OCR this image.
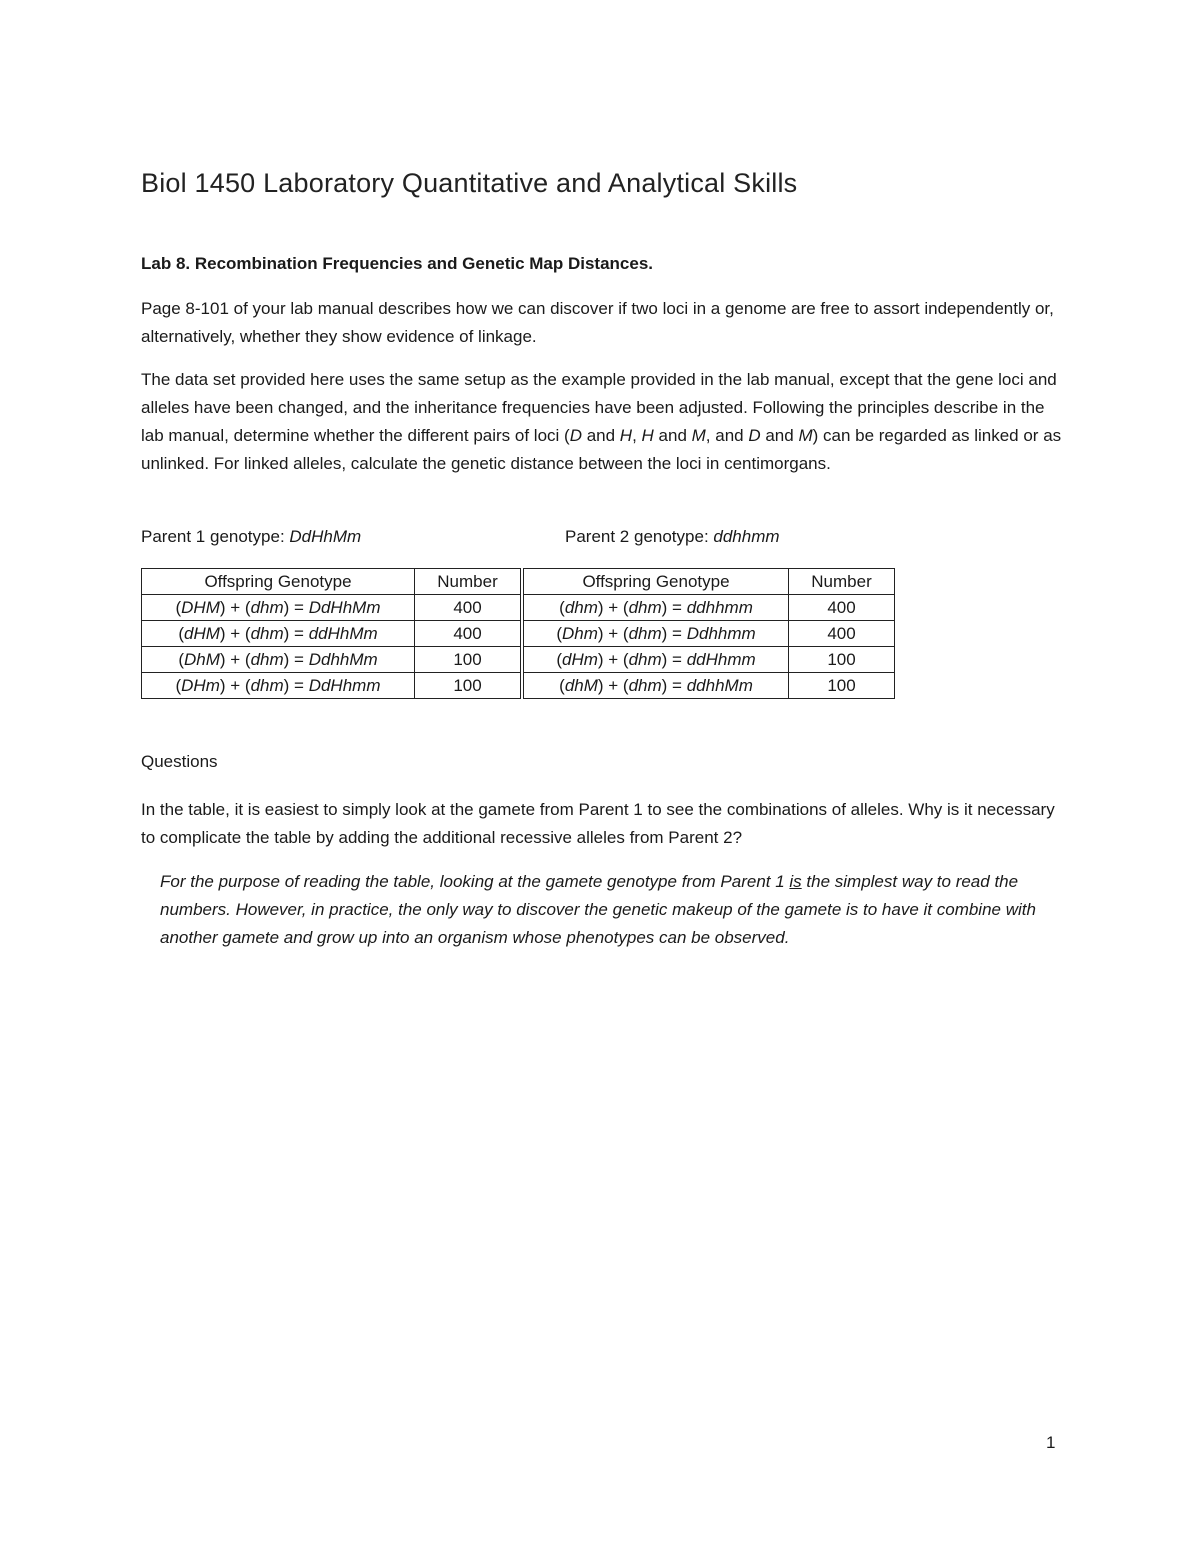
Biol 1450 Laboratory Quantitative and Analytical Skills

Lab 8. Recombination Frequencies and Genetic Map Distances.

Page 8-101 of your lab manual describes how we can discover if two loci in a genome are free to assort independently or, alternatively, whether they show evidence of linkage.

The data set provided here uses the same setup as the example provided in the lab manual, except that the gene loci and alleles have been changed, and the inheritance frequencies have been adjusted. Following the principles describe in the lab manual, determine whether the different pairs of loci (D and H, H and M, and D and M) can be regarded as linked or as unlinked. For linked alleles, calculate the genetic distance between the loci in centimorgans.

Parent 1 genotype: DdHhMm	Parent 2 genotype: ddhhmm

Offspring Genotype	Number	Offspring Genotype	Number
(DHM) + (dhm) = DdHhMm	400	(dhm) + (dhm) = ddhhmm	400
(dHM) + (dhm) = ddHhMm	400	(Dhm) + (dhm) = Ddhhmm	400
(DhM) + (dhm) = DdhhMm	100	(dHm) + (dhm) = ddHhmm	100
(DHm) + (dhm) = DdHhmm	100	(dhM) + (dhm) = ddhhMm	100

Questions

In the table, it is easiest to simply look at the gamete from Parent 1 to see the combinations of alleles. Why is it necessary to complicate the table by adding the additional recessive alleles from Parent 2?

For the purpose of reading the table, looking at the gamete genotype from Parent 1 is the simplest way to read the numbers. However, in practice, the only way to discover the genetic makeup of the gamete is to have it combine with another gamete and grow up into an organism whose phenotypes can be observed.

1
